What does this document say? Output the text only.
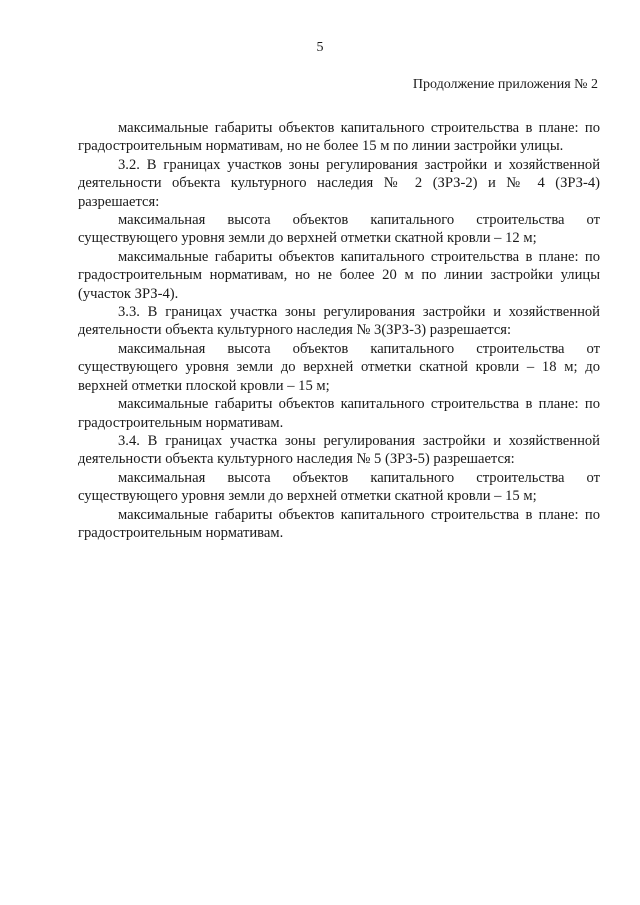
5
Продолжение приложения № 2

максимальные габариты объектов капитального строительства в плане: по градостроительным нормативам, но не более 15 м по линии застройки улицы.

3.2. В границах участков зоны регулирования застройки и хозяйственной деятельности объекта культурного наследия № 2 (ЗРЗ-2) и № 4 (ЗРЗ-4) разрешается:

максимальная высота объектов капитального строительства от существующего уровня земли до верхней отметки скатной кровли – 12 м;

максимальные габариты объектов капитального строительства в плане: по градостроительным нормативам, но не более 20 м по линии застройки улицы (участок ЗРЗ-4).

3.3. В границах участка зоны регулирования застройки и хозяйственной деятельности объекта культурного наследия № 3(ЗРЗ-3) разрешается:

максимальная высота объектов капитального строительства от существующего уровня земли до верхней отметки скатной кровли – 18 м; до верхней отметки плоской кровли – 15 м;

максимальные габариты объектов капитального строительства в плане: по градостроительным нормативам.

3.4. В границах участка зоны регулирования застройки и хозяйственной деятельности объекта культурного наследия № 5 (ЗРЗ-5) разрешается:

максимальная высота объектов капитального строительства от существующего уровня земли до верхней отметки скатной кровли – 15 м;

максимальные габариты объектов капитального строительства в плане: по градостроительным нормативам.
